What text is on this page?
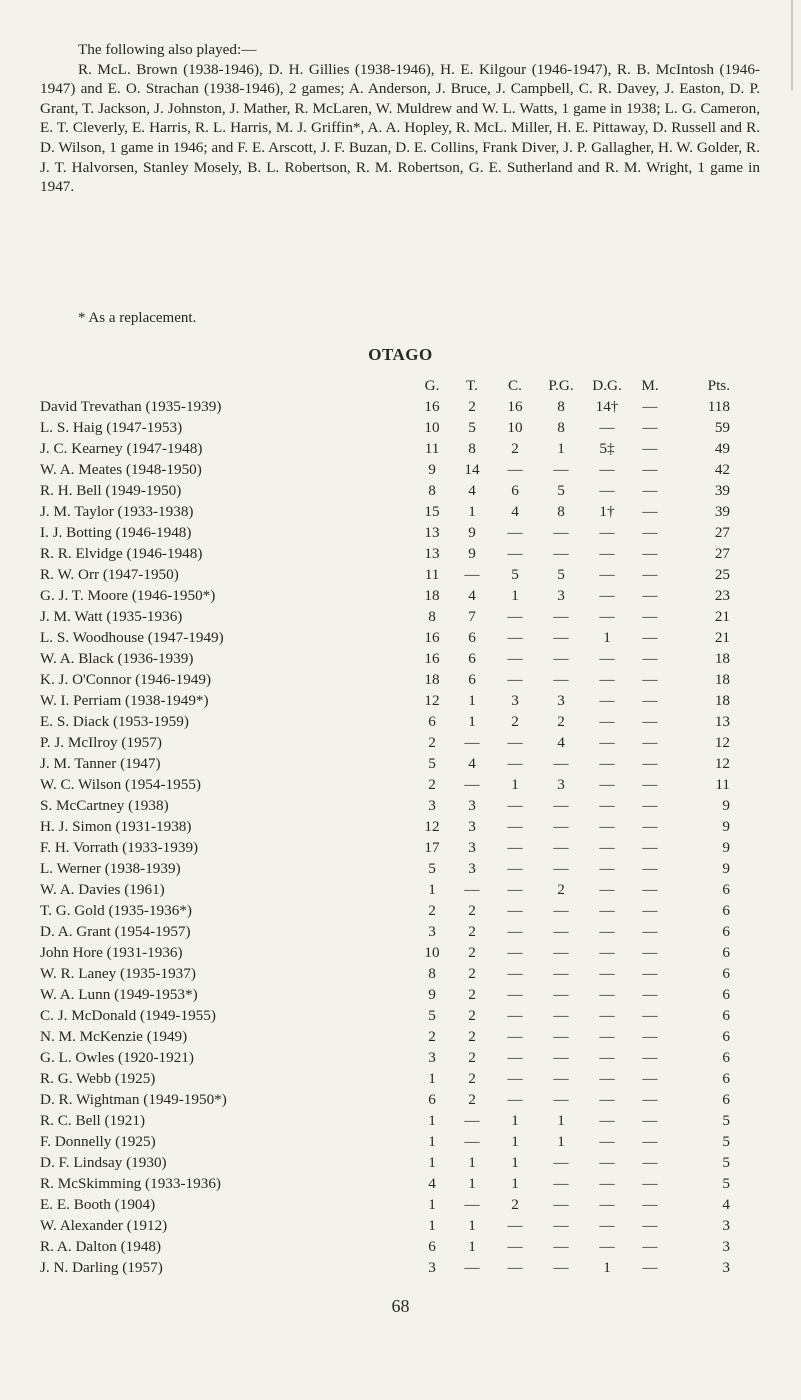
The following also played:—
R. McL. Brown (1938-1946), D. H. Gillies (1938-1946), H. E. Kilgour (1946-1947), R. B. McIntosh (1946-1947) and E. O. Strachan (1938-1946), 2 games; A. Anderson, J. Bruce, J. Campbell, C. R. Davey, J. Easton, D. P. Grant, T. Jackson, J. Johnston, J. Mather, R. McLaren, W. Muldrew and W. L. Watts, 1 game in 1938; L. G. Cameron, E. T. Cleverly, E. Harris, R. L. Harris, M. J. Griffin*, A. A. Hopley, R. McL. Miller, H. E. Pittaway, D. Russell and R. D. Wilson, 1 game in 1946; and F. E. Arscott, J. F. Buzan, D. E. Collins, Frank Diver, J. P. Gallagher, H. W. Golder, R. J. T. Halvorsen, Stanley Mosely, B. L. Robertson, R. M. Robertson, G. E. Sutherland and R. M. Wright, 1 game in 1947.
* As a replacement.
OTAGO
	G.	T.	C.	P.G.	D.G.	M.	Pts.
David Trevathan (1935-1939)	16	2	16	8	14†	—	118
L. S. Haig (1947-1953)	10	5	10	8	—	—	59
J. C. Kearney (1947-1948)	11	8	2	1	5‡	—	49
W. A. Meates (1948-1950)	9	14	—	—	—	—	42
R. H. Bell (1949-1950)	8	4	6	5	—	—	39
J. M. Taylor (1933-1938)	15	1	4	8	1†	—	39
I. J. Botting (1946-1948)	13	9	—	—	—	—	27
R. R. Elvidge (1946-1948)	13	9	—	—	—	—	27
R. W. Orr (1947-1950)	11	—	5	5	—	—	25
G. J. T. Moore (1946-1950*)	18	4	1	3	—	—	23
J. M. Watt (1935-1936)	8	7	—	—	—	—	21
L. S. Woodhouse (1947-1949)	16	6	—	—	1	—	21
W. A. Black (1936-1939)	16	6	—	—	—	—	18
K. J. O'Connor (1946-1949)	18	6	—	—	—	—	18
W. I. Perriam (1938-1949*)	12	1	3	3	—	—	18
E. S. Diack (1953-1959)	6	1	2	2	—	—	13
P. J. McIlroy (1957)	2	—	—	4	—	—	12
J. M. Tanner (1947)	5	4	—	—	—	—	12
W. C. Wilson (1954-1955)	2	—	1	3	—	—	11
S. McCartney (1938)	3	3	—	—	—	—	9
H. J. Simon (1931-1938)	12	3	—	—	—	—	9
F. H. Vorrath (1933-1939)	17	3	—	—	—	—	9
L. Werner (1938-1939)	5	3	—	—	—	—	9
W. A. Davies (1961)	1	—	—	2	—	—	6
T. G. Gold (1935-1936*)	2	2	—	—	—	—	6
D. A. Grant (1954-1957)	3	2	—	—	—	—	6
John Hore (1931-1936)	10	2	—	—	—	—	6
W. R. Laney (1935-1937)	8	2	—	—	—	—	6
W. A. Lunn (1949-1953*)	9	2	—	—	—	—	6
C. J. McDonald (1949-1955)	5	2	—	—	—	—	6
N. M. McKenzie (1949)	2	2	—	—	—	—	6
G. L. Owles (1920-1921)	3	2	—	—	—	—	6
R. G. Webb (1925)	1	2	—	—	—	—	6
D. R. Wightman (1949-1950*)	6	2	—	—	—	—	6
R. C. Bell (1921)	1	—	1	1	—	—	5
F. Donnelly (1925)	1	—	1	1	—	—	5
D. F. Lindsay (1930)	1	1	1	—	—	—	5
R. McSkimming (1933-1936)	4	1	1	—	—	—	5
E. E. Booth (1904)	1	—	2	—	—	—	4
W. Alexander (1912)	1	1	—	—	—	—	3
R. A. Dalton (1948)	6	1	—	—	—	—	3
J. N. Darling (1957)	3	—	—	—	1	—	3
68
